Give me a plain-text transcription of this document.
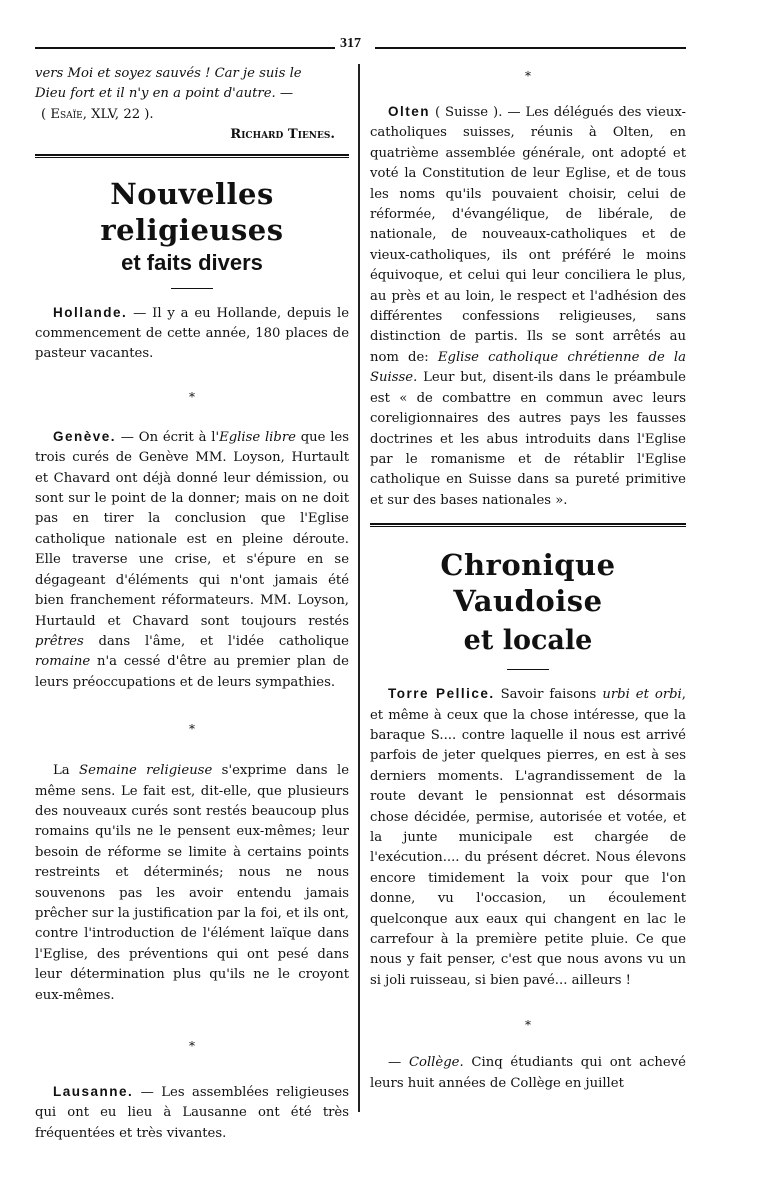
317

vers Moi et soyez sauvés ! Car je suis le

Dieu fort et il n'y en a point d'autre. —

( Esaïe, XLV, 22 ).

Richard Tienes.

Nouvelles religieuses
et faits divers

Hollande. — Il y a eu Hollande, depuis le commencement de cette année, 180 places de pasteur vacantes.

*

Genève. — On écrit à l'Eglise libre que les trois curés de Genève MM. Loyson, Hurtault et Chavard ont déjà donné leur démission, ou sont sur le point de la donner; mais on ne doit pas en tirer la conclusion que l'Eglise catholique nationale est en pleine déroute. Elle traverse une crise, et s'épure en se dégageant d'éléments qui n'ont jamais été bien franchement réformateurs. MM. Loyson, Hurtauld et Chavard sont toujours restés prêtres dans l'âme, et l'idée catholique romaine n'a cessé d'être au premier plan de leurs préoccupations et de leurs sympathies.

*

La Semaine religieuse s'exprime dans le même sens. Le fait est, dit-elle, que plusieurs des nouveaux curés sont restés beaucoup plus romains qu'ils ne le pensent eux-mêmes; leur besoin de réforme se limite à certains points restreints et déterminés; nous ne nous souvenons pas les avoir entendu jamais prêcher sur la justification par la foi, et ils ont, contre l'introduction de l'élément laïque dans l'Eglise, des préventions qui ont pesé dans leur détermination plus qu'ils ne le croyont eux-mêmes.

*

Lausanne. — Les assemblées religieuses qui ont eu lieu à Lausanne ont été très fréquentées et très vivantes.

*

Olten ( Suisse ). — Les délégués des vieux-catholiques suisses, réunis à Olten, en quatrième assemblée générale, ont adopté et voté la Constitution de leur Eglise, et de tous les noms qu'ils pouvaient choisir, celui de réformée, d'évangélique, de libérale, de nationale, de nouveaux-catholiques et de vieux-catholiques, ils ont préféré le moins équivoque, et celui qui leur conciliera le plus, au près et au loin, le respect et l'adhésion des différentes confessions religieuses, sans distinction de partis. Ils se sont arrêtés au nom de: Eglise catholique chrétienne de la Suisse. Leur but, disent-ils dans le préambule est « de combattre en commun avec leurs coreligionnaires des autres pays les fausses doctrines et les abus introduits dans l'Eglise par le romanisme et de rétablir l'Eglise catholique en Suisse dans sa pureté primitive et sur des bases nationales ».

Chronique Vaudoise
et locale

Torre Pellice. Savoir faisons urbi et orbi, et même à ceux que la chose intéresse, que la baraque S.... contre laquelle il nous est arrivé parfois de jeter quelques pierres, en est à ses derniers moments. L'agrandissement de la route devant le pensionnat est désormais chose décidée, permise, autorisée et votée, et la junte municipale est chargée de l'exécution.... du présent décret. Nous élevons encore timidement la voix pour que l'on donne, vu l'occasion, un écoulement quelconque aux eaux qui changent en lac le carrefour à la première petite pluie. Ce que nous y fait penser, c'est que nous avons vu un si joli ruisseau, si bien pavé... ailleurs !

*

— Collège. Cinq étudiants qui ont achevé leurs huit années de Collège en juillet
